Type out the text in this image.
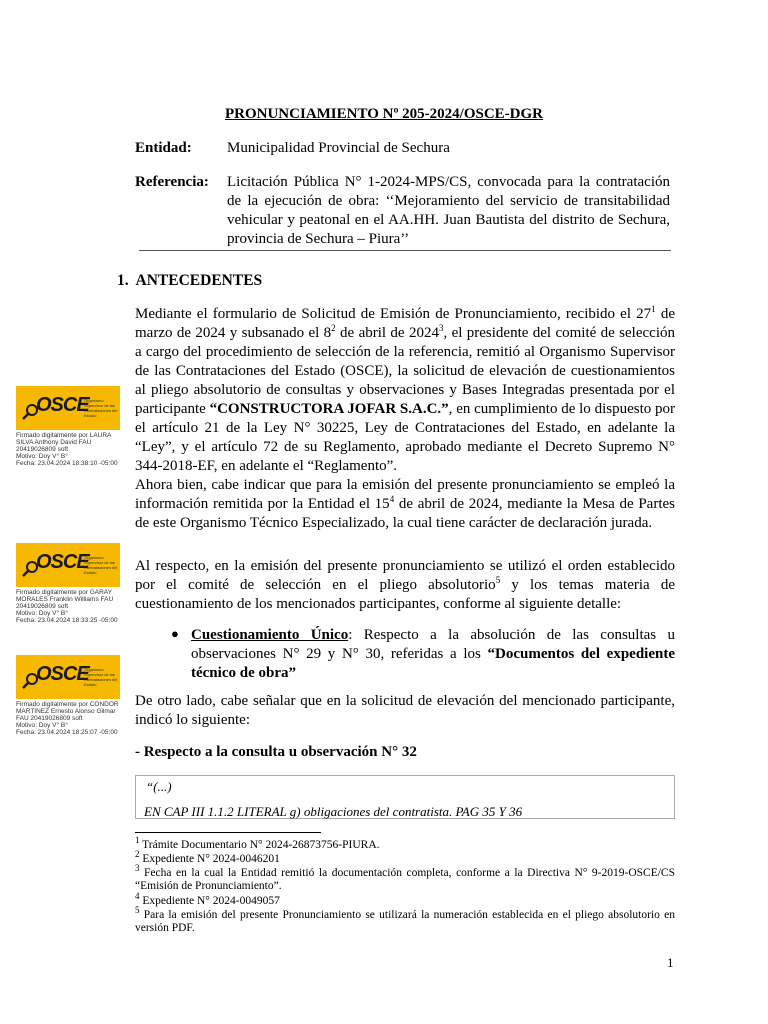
PRONUNCIAMIENTO Nº 205-2024/OSCE-DGR
Entidad: Municipalidad Provincial de Sechura
Referencia: Licitación Pública N° 1-2024-MPS/CS, convocada para la contratación de la ejecución de obra: ‘‘Mejoramiento del servicio de transitabilidad vehicular y peatonal en el AA.HH. Juan Bautista del distrito de Sechura, provincia de Sechura – Piura’’
1. ANTECEDENTES
Mediante el formulario de Solicitud de Emisión de Pronunciamiento, recibido el $27^1$ de marzo de 2024 y subsanado el $8^2$ de abril de 2024$^3$, el presidente del comité de selección a cargo del procedimiento de selección de la referencia, remitió al Organismo Supervisor de las Contrataciones del Estado (OSCE), la solicitud de elevación de cuestionamientos al pliego absolutorio de consultas y observaciones y Bases Integradas presentada por el participante “CONSTRUCTORA JOFAR S.A.C.”, en cumplimiento de lo dispuesto por el artículo 21 de la Ley N° 30225, Ley de Contrataciones del Estado, en adelante la “Ley”, y el artículo 72 de su Reglamento, aprobado mediante el Decreto Supremo N° 344-2018-EF, en adelante el “Reglamento”.
Ahora bien, cabe indicar que para la emisión del presente pronunciamiento se empleó la información remitida por la Entidad el $15^4$ de abril de 2024, mediante la Mesa de Partes de este Organismo Técnico Especializado, la cual tiene carácter de declaración jurada.
Al respecto, en la emisión del presente pronunciamiento se utilizó el orden establecido por el comité de selección en el pliego absolutorio$^5$ y los temas materia de cuestionamiento de los mencionados participantes, conforme al siguiente detalle:
● Cuestionamiento Único: Respecto a la absolución de las consultas u observaciones N° 29 y N° 30, referidas a los “Documentos del expediente técnico de obra”
De otro lado, cabe señalar que en la solicitud de elevación del mencionado participante, indicó lo siguiente:
- Respecto a la consulta u observación N° 32
“(...)
EN CAP III 1.1.2 LITERAL g) obligaciones del contratista. PAG 35 Y 36
$^1$ Trámite Documentario N° 2024-26873756-PIURA.
$^2$ Expediente N° 2024-0046201
$^3$ Fecha en la cual la Entidad remitió la documentación completa, conforme a la Directiva N° 9-2019-OSCE/CS “Emisión de Pronunciamiento”.
$^4$ Expediente N° 2024-0049057
$^5$ Para la emisión del presente Pronunciamiento se utilizará la numeración establecida en el pliego absolutorio en versión PDF.
1
OSCE
Organismo Supervisor de las Contrataciones del Estado
Firmado digitalmente por LAURA
SILVA Anthony David FAU
20419026809 soft
Motivo: Doy V° B°
Fecha: 23.04.2024 18:38:10 -05:00
OSCE
Organismo Supervisor de las Contrataciones del Estado
Firmado digitalmente por GARAY
MORALES Franklin Williams FAU
20419026809 soft
Motivo: Doy V° B°
Fecha: 23.04.2024 18:33:25 -05:00
OSCE
Organismo Supervisor de las Contrataciones del Estado
Firmado digitalmente por CONDOR
MARTINEZ Ernesto Alonso Gilmar
FAU 20419026809 soft
Motivo: Doy V° B°
Fecha: 23.04.2024 18:25:07 -05:00
